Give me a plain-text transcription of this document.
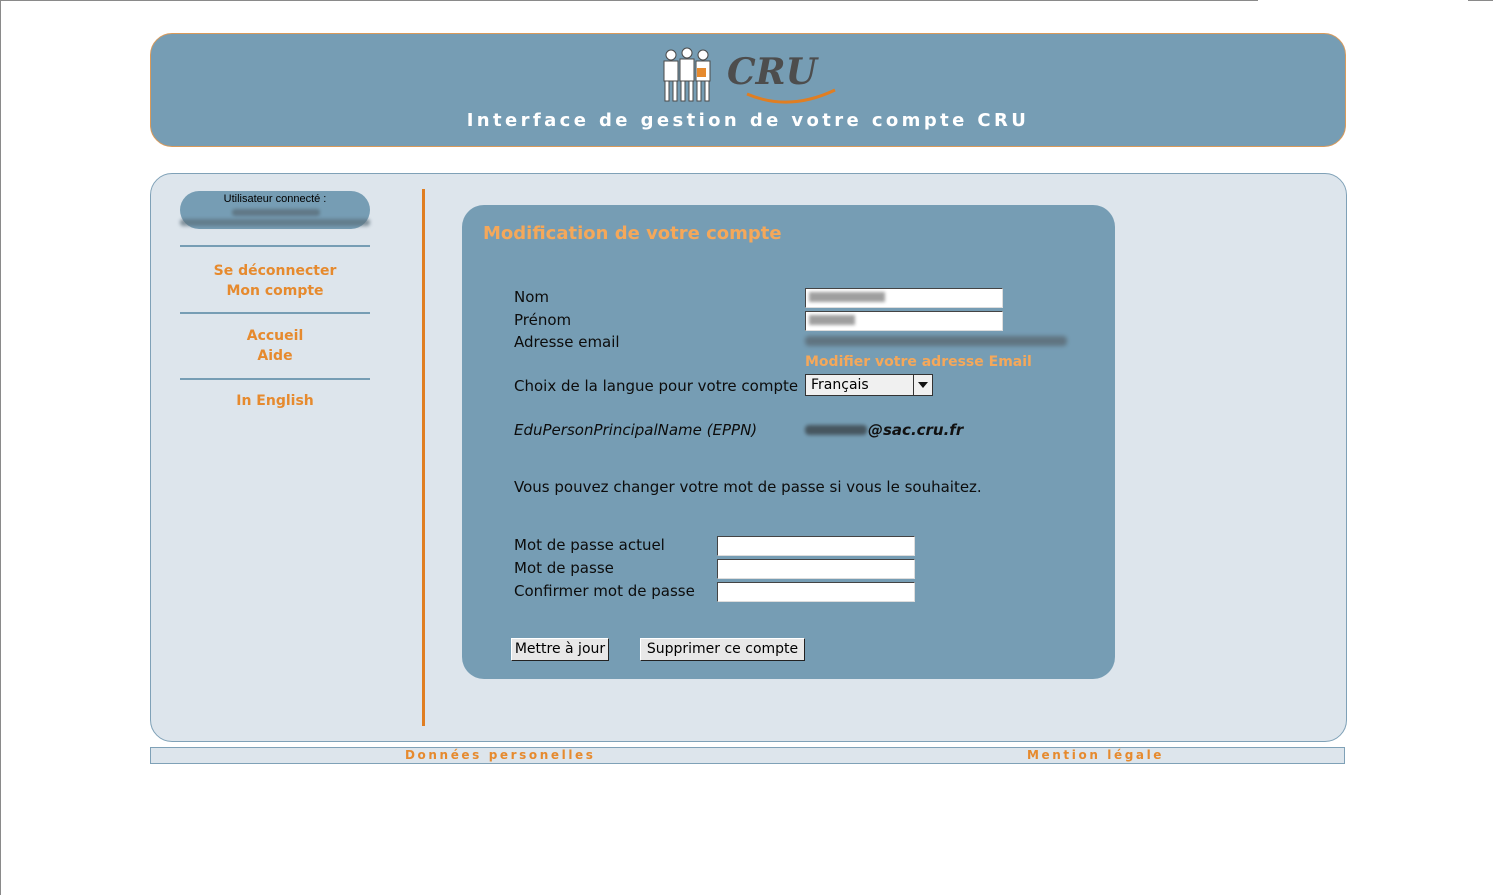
CRU
Interface de gestion de votre compte CRU
Utilisateur connecté :
Se déconnecter
Mon compte
Accueil
Aide
In English
Modification de votre compte
Nom
Prénom
Adresse email
Modifier votre adresse Email
Choix de la langue pour votre compte Français
EduPersonPrincipalName (EPPN)	@sac.cru.fr
Vous pouvez changer votre mot de passe si vous le souhaitez.
Mot de passe actuel
Mot de passe
Confirmer mot de passe
Mettre à jour	Supprimer ce compte
Données personelles	Mention légale
